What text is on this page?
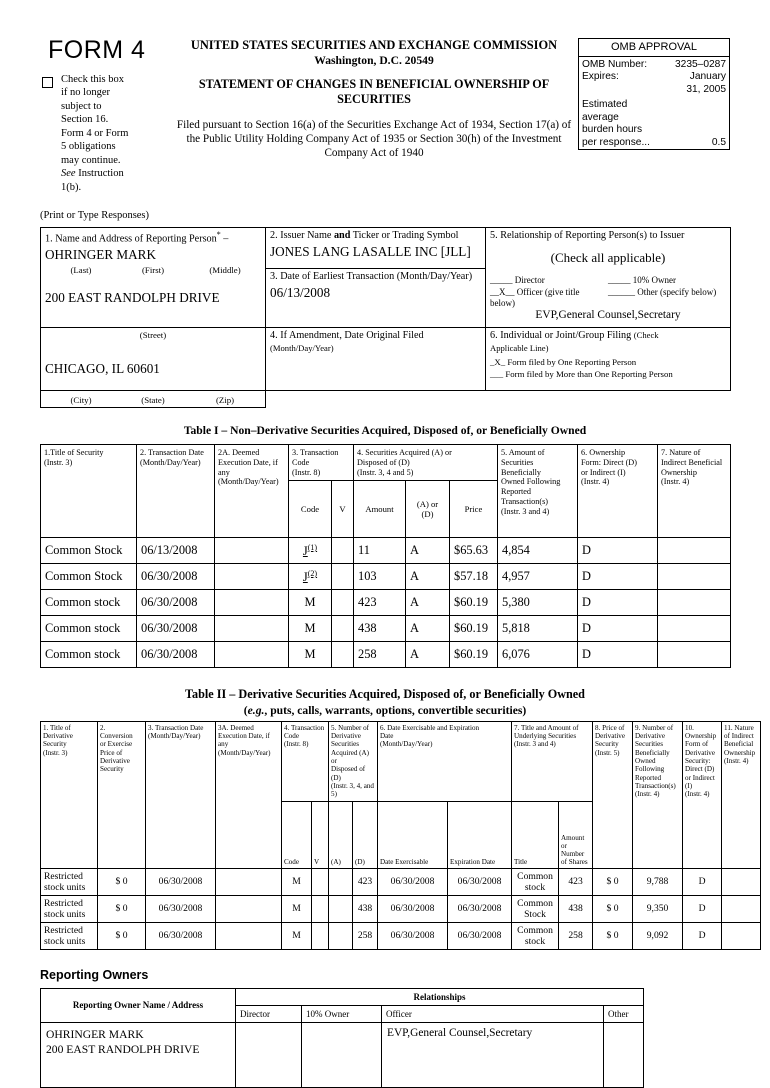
FORM 4
Check this box
if no longer
subject to
Section 16.
Form 4 or Form
5 obligations
may continue.
See Instruction
1(b).
UNITED STATES SECURITIES AND EXCHANGE COMMISSION
Washington, D.C. 20549
STATEMENT OF CHANGES IN BENEFICIAL OWNERSHIP OF
SECURITIES
Filed pursuant to Section 16(a) of the Securities Exchange Act of 1934, Section 17(a) of the Public Utility Holding Company Act of 1935 or Section 30(h) of the Investment Company Act of 1940
OMB APPROVAL
OMB Number:	3235–0287
Expires:	January
31, 2005
Estimated
average
burden hours
per response...	0.5
(Print or Type Responses)
1. Name and Address of Reporting Person* –
OHRINGER MARK
(Last)	(First)	(Middle)
200 EAST RANDOLPH DRIVE

2. Issuer Name and Ticker or Trading Symbol
JONES LANG LASALLE INC [JLL]

5. Relationship of Reporting Person(s) to Issuer
(Check all applicable)
_____ Director
__X__ Officer (give title
_____ 10% Owner
______ Other (specify below)
below)
EVP,General Counsel,Secretary

	3. Date of Earliest Transaction (Month/Day/Year)
06/13/2008	

(Street)
CHICAGO, IL 60601

4. If Amendment, Date Original Filed
(Month/Day/Year)

6. Individual or Joint/Group Filing (Check
Applicable Line)
_X_ Form filed by One Reporting Person
___ Form filed by More than One Reporting Person

(City) (State) (Zip)		
Table I – Non–Derivative Securities Acquired, Disposed of, or Beneficially Owned
1.Title of Security
(Instr. 3)

2. Transaction Date
(Month/Day/Year)

2A. Deemed
Execution Date, if
any
(Month/Day/Year)

3. Transaction
Code
(Instr. 8)

4. Securities Acquired (A) or
Disposed of (D)
(Instr. 3, 4 and 5)

5. Amount of
Securities
Beneficially
Owned Following
Reported
Transaction(s)
(Instr. 3 and 4)

6. Ownership
Form: Direct (D)
or Indirect (I)
(Instr. 4)

7. Nature of
Indirect Beneficial
Ownership
(Instr. 4)

			Code	V	Amount	(A) or
(D)	Price			
Common Stock	06/13/2008		J$^{(1)}$		11	A	$65.63	4,854	D	
Common Stock	06/30/2008		J$^{(2)}$		103	A	$57.18	4,957	D	
Common stock	06/30/2008		M		423	A	$60.19	5,380	D	
Common stock	06/30/2008		M		438	A	$60.19	5,818	D	
Common stock	06/30/2008		M		258	A	$60.19	6,076	D	
Table II – Derivative Securities Acquired, Disposed of, or Beneficially Owned
(e.g., puts, calls, warrants, options, convertible securities)
1. Title of
Derivative
Security
(Instr. 3)

2.
Conversion
or Exercise
Price of
Derivative
Security

3. Transaction Date
(Month/Day/Year)

3A. Deemed
Execution Date, if
any
(Month/Day/Year)

4. Transaction
Code
(Instr. 8)

5. Number of
Derivative
Securities
Acquired (A) or
Disposed of (D)
(Instr. 3, 4, and
5)

6. Date Exercisable and Expiration
Date
(Month/Day/Year)

7. Title and Amount of
Underlying Securities
(Instr. 3 and 4)

8. Price of
Derivative
Security
(Instr. 5)

9. Number of
Derivative
Securities
Beneficially
Owned
Following
Reported
Transaction(s)
(Instr. 4)

10.
Ownership
Form of
Derivative
Security:
Direct (D)
or Indirect
(I)
(Instr. 4)

11. Nature
of Indirect
Beneficial
Ownership
(Instr. 4)

				Code	V	(A)	(D)	Date Exercisable	Expiration Date	Title	Amount
or
Number
of Shares				

Restricted stock units	$ 0	06/30/2008		M			423	06/30/2008	06/30/2008	Common stock	423	$ 0	9,788	D	
Restricted stock units	$ 0	06/30/2008		M			438	06/30/2008	06/30/2008	Common Stock	438	$ 0	9,350	D	
Restricted stock units	$ 0	06/30/2008		M			258	06/30/2008	06/30/2008	Common stock	258	$ 0	9,092	D	
Reporting Owners
Reporting Owner Name / Address	Relationships				
	Director	10% Owner	Officer	Other	

OHRINGER MARK
200 EAST RANDOLPH DRIVE			EVP,General Counsel,Secretary		
